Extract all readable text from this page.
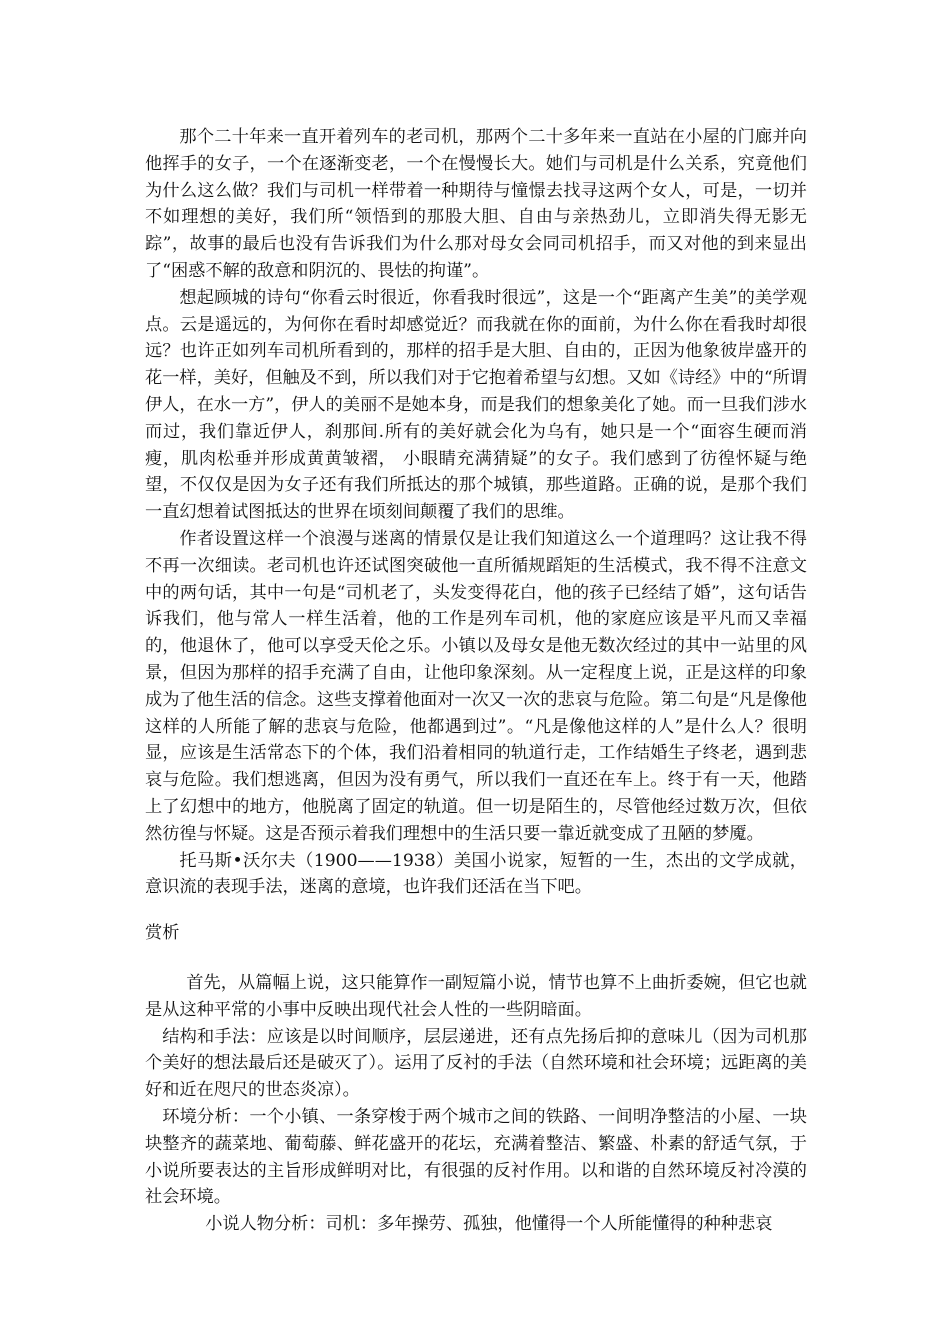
那个二十年来一直开着列车的老司机，那两个二十多年来一直站在小屋的门廊并向他挥手的女子，一个在逐渐变老，一个在慢慢长大。她们与司机是什么关系，究竟他们为什么这么做？我们与司机一样带着一种期待与憧憬去找寻这两个女人，可是，一切并不如理想的美好，我们所“领悟到的那股大胆、自由与亲热劲儿，立即消失得无影无踪”，故事的最后也没有告诉我们为什么那对母女会同司机招手，而又对他的到来显出了“困惑不解的敌意和阴沉的、畏怯的拘谨”。

想起顾城的诗句“你看云时很近，你看我时很远”，这是一个“距离产生美”的美学观点。云是遥远的，为何你在看时却感觉近？而我就在你的面前，为什么你在看我时却很远？也许正如列车司机所看到的，那样的招手是大胆、自由的，正因为他象彼岸盛开的花一样，美好，但触及不到，所以我们对于它抱着希望与幻想。又如《诗经》中的“所谓伊人，在水一方”，伊人的美丽不是她本身，而是我们的想象美化了她。而一旦我们涉水而过，我们靠近伊人，刹那间.所有的美好就会化为乌有，她只是一个“面容生硬而消瘦，肌肉松垂并形成黄黄皱褶， 小眼睛充满猜疑”的女子。我们感到了彷徨怀疑与绝望，不仅仅是因为女子还有我们所抵达的那个城镇，那些道路。正确的说，是那个我们一直幻想着试图抵达的世界在顷刻间颠覆了我们的思维。

作者设置这样一个浪漫与迷离的情景仅是让我们知道这么一个道理吗？这让我不得不再一次细读。老司机也许还试图突破他一直所循规蹈矩的生活模式，我不得不注意文中的两句话，其中一句是“司机老了，头发变得花白，他的孩子已经结了婚”，这句话告诉我们，他与常人一样生活着，他的工作是列车司机，他的家庭应该是平凡而又幸福的，他退休了，他可以享受天伦之乐。小镇以及母女是他无数次经过的其中一站里的风景，但因为那样的招手充满了自由，让他印象深刻。从一定程度上说，正是这样的印象成为了他生活的信念。这些支撑着他面对一次又一次的悲哀与危险。第二句是“凡是像他这样的人所能了解的悲哀与危险，他都遇到过”。“凡是像他这样的人”是什么人？很明显，应该是生活常态下的个体，我们沿着相同的轨道行走，工作结婚生子终老，遇到悲哀与危险。我们想逃离，但因为没有勇气，所以我们一直还在车上。终于有一天，他踏上了幻想中的地方，他脱离了固定的轨道。但一切是陌生的，尽管他经过数万次，但依然彷徨与怀疑。这是否预示着我们理想中的生活只要一靠近就变成了丑陋的梦魇。

托马斯•沃尔夫（1900——1938）美国小说家，短暂的一生，杰出的文学成就，意识流的表现手法，迷离的意境，也许我们还活在当下吧。

赏析

首先，从篇幅上说，这只能算作一副短篇小说，情节也算不上曲折委婉，但它也就是从这种平常的小事中反映出现代社会人性的一些阴暗面。

结构和手法：应该是以时间顺序，层层递进，还有点先扬后抑的意味儿（因为司机那个美好的想法最后还是破灭了）。运用了反衬的手法（自然环境和社会环境；远距离的美好和近在咫尺的世态炎凉）。

环境分析：一个小镇、一条穿梭于两个城市之间的铁路、一间明净整洁的小屋、一块块整齐的蔬菜地、葡萄藤、鲜花盛开的花坛，充满着整洁、繁盛、朴素的舒适气氛，于小说所要表达的主旨形成鲜明对比，有很强的反衬作用。以和谐的自然环境反衬冷漠的社会环境。

小说人物分析：司机：多年操劳、孤独，他懂得一个人所能懂得的种种悲哀
